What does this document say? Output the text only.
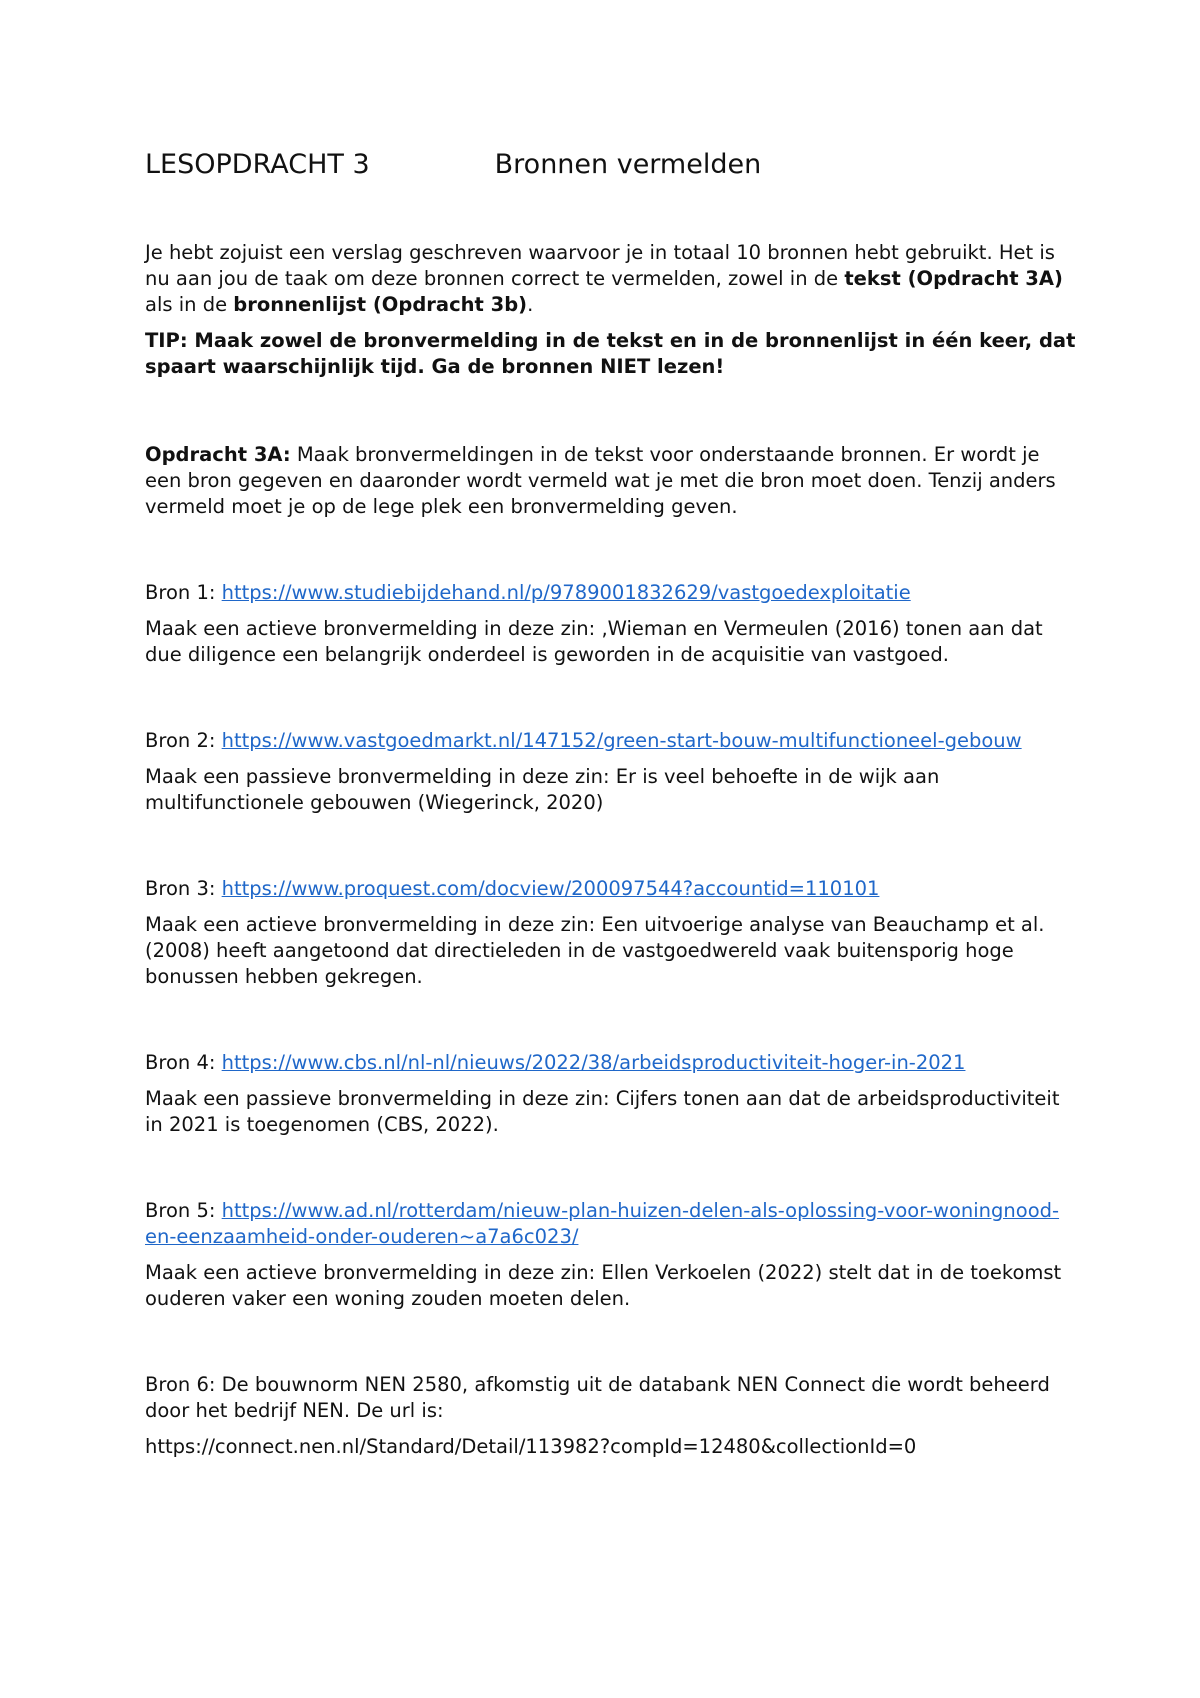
LESOPDRACHT 3	Bronnen vermelden

Je hebt zojuist een verslag geschreven waarvoor je in totaal 10 bronnen hebt gebruikt. Het is nu aan jou de taak om deze bronnen correct te vermelden, zowel in de tekst (Opdracht 3A) als in de bronnenlijst (Opdracht 3b).

TIP: Maak zowel de bronvermelding in de tekst en in de bronnenlijst in één keer, dat spaart waarschijnlijk tijd. Ga de bronnen NIET lezen!

Opdracht 3A: Maak bronvermeldingen in de tekst voor onderstaande bronnen. Er wordt je een bron gegeven en daaronder wordt vermeld wat je met die bron moet doen. Tenzij anders vermeld moet je op de lege plek een bronvermelding geven.

Bron 1: https://www.studiebijdehand.nl/p/9789001832629/vastgoedexploitatie

Maak een actieve bronvermelding in deze zin: ‚Wieman en Vermeulen (2016) tonen aan dat due diligence een belangrijk onderdeel is geworden in de acquisitie van vastgoed.

Bron 2: https://www.vastgoedmarkt.nl/147152/green-start-bouw-multifunctioneel-gebouw

Maak een passieve bronvermelding in deze zin: Er is veel behoefte in de wijk aan multifunctionele gebouwen (Wiegerinck, 2020)

Bron 3: https://www.proquest.com/docview/200097544?accountid=110101

Maak een actieve bronvermelding in deze zin: Een uitvoerige analyse van Beauchamp et al. (2008) heeft aangetoond dat directieleden in de vastgoedwereld vaak buitensporig hoge bonussen hebben gekregen.

Bron 4: https://www.cbs.nl/nl-nl/nieuws/2022/38/arbeidsproductiviteit-hoger-in-2021

Maak een passieve bronvermelding in deze zin: Cijfers tonen aan dat de arbeidsproductiviteit in 2021 is toegenomen (CBS, 2022).

Bron 5: https://www.ad.nl/rotterdam/nieuw-plan-huizen-delen-als-oplossing-voor-woningnood-en-eenzaamheid-onder-ouderen~a7a6c023/

Maak een actieve bronvermelding in deze zin: Ellen Verkoelen (2022) stelt dat in de toekomst ouderen vaker een woning zouden moeten delen.

Bron 6: De bouwnorm NEN 2580, afkomstig uit de databank NEN Connect die wordt beheerd door het bedrijf NEN. De url is:

https://connect.nen.nl/Standard/Detail/113982?compId=12480&collectionId=0
